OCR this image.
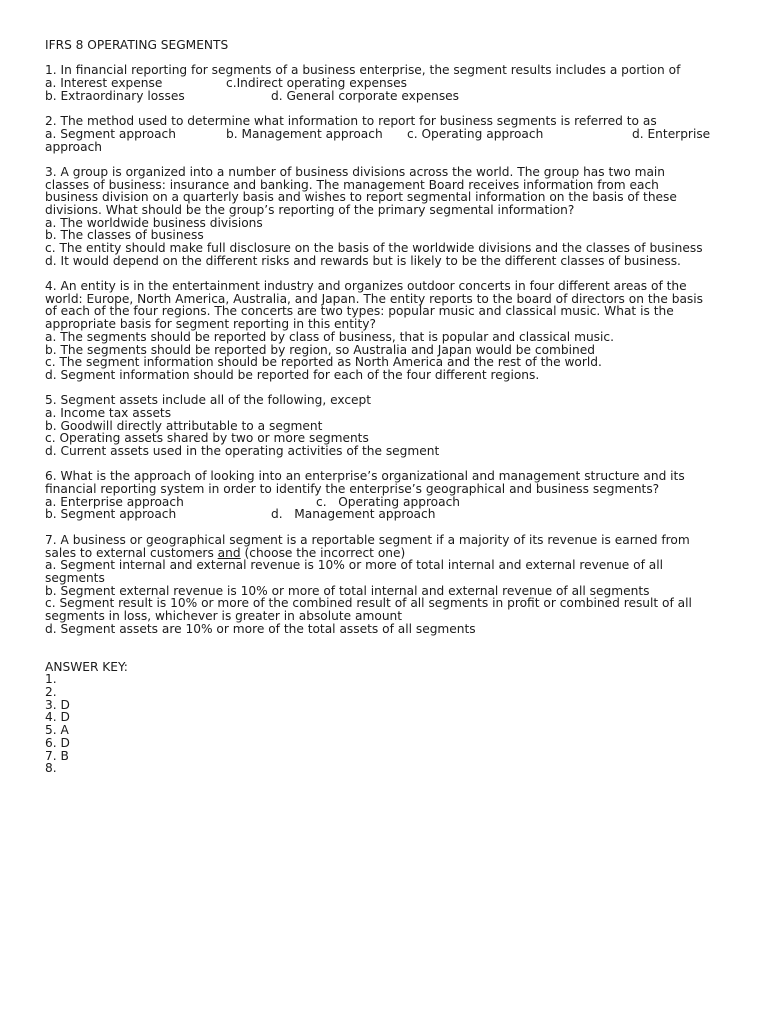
IFRS 8 OPERATING SEGMENTS
1. In financial reporting for segments of a business enterprise, the segment results includes a portion of
a. Interest expense	c.Indirect operating expenses
b. Extraordinary losses	d. General corporate expenses
2. The method used to determine what information to report for business segments is referred to as
a. Segment approach	b. Management approach c. Operating approach	d. Enterprise
approach
3. A group is organized into a number of business divisions across the world. The group has two main
classes of business: insurance and banking. The management Board receives information from each
business division on a quarterly basis and wishes to report segmental information on the basis of these
divisions. What should be the group’s reporting of the primary segmental information?
a. The worldwide business divisions
b. The classes of business
c. The entity should make full disclosure on the basis of the worldwide divisions and the classes of business
d. It would depend on the different risks and rewards but is likely to be the different classes of business.
4. An entity is in the entertainment industry and organizes outdoor concerts in four different areas of the
world: Europe, North America, Australia, and Japan. The entity reports to the board of directors on the basis
of each of the four regions. The concerts are two types: popular music and classical music. What is the
appropriate basis for segment reporting in this entity?
a. The segments should be reported by class of business, that is popular and classical music.
b. The segments should be reported by region, so Australia and Japan would be combined
c. The segment information should be reported as North America and the rest of the world.
d. Segment information should be reported for each of the four different regions.
5. Segment assets include all of the following, except
a. Income tax assets
b. Goodwill directly attributable to a segment
c. Operating assets shared by two or more segments
d. Current assets used in the operating activities of the segment
6. What is the approach of looking into an enterprise’s organizational and management structure and its
financial reporting system in order to identify the enterprise’s geographical and business segments?
a. Enterprise approach	c.   Operating approach
b. Segment approach	d.   Management approach
7. A business or geographical segment is a reportable segment if a majority of its revenue is earned from
sales to external customers and (choose the incorrect one)
a. Segment internal and external revenue is 10% or more of total internal and external revenue of all
segments
b. Segment external revenue is 10% or more of total internal and external revenue of all segments
c. Segment result is 10% or more of the combined result of all segments in profit or combined result of all
segments in loss, whichever is greater in absolute amount
d. Segment assets are 10% or more of the total assets of all segments
ANSWER KEY:
1.
2.
3. D
4. D
5. A
6. D
7. B
8.
